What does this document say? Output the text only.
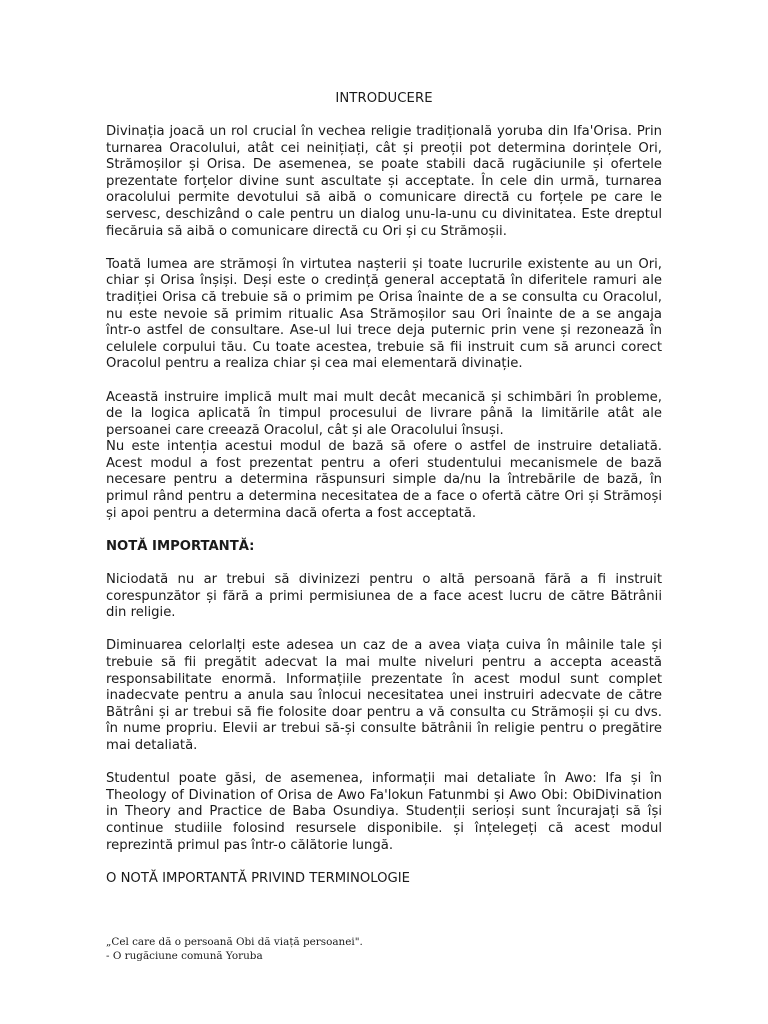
INTRODUCERE

Divinația joacă un rol crucial în vechea religie tradițională yoruba din Ifa'Orisa. Prin turnarea Oracolului, atât cei neinițiați, cât și preoții pot determina dorințele Ori, Strămoșilor și Orisa. De asemenea, se poate stabili dacă rugăciunile și ofertele prezentate forțelor divine sunt ascultate și acceptate. În cele din urmă, turnarea oracolului permite devotului să aibă o comunicare directă cu forțele pe care le servesc, deschizând o cale pentru un dialog unu-la-unu cu divinitatea. Este dreptul fiecăruia să aibă o comunicare directă cu Ori și cu Strămoșii.

Toată lumea are strămoși în virtutea nașterii și toate lucrurile existente au un Ori, chiar și Orisa înșiși. Deși este o credință general acceptată în diferitele ramuri ale tradiției Orisa că trebuie să o primim pe Orisa înainte de a se consulta cu Oracolul, nu este nevoie să primim ritualic Asa Strămoșilor sau Ori înainte de a se angaja într-o astfel de consultare. Ase-ul lui trece deja puternic prin vene și rezonează în celulele corpului tău. Cu toate acestea, trebuie să fii instruit cum să arunci corect Oracolul pentru a realiza chiar și cea mai elementară divinație.

Această instruire implică mult mai mult decât mecanică și schimbări în probleme, de la logica aplicată în timpul procesului de livrare până la limitările atât ale persoanei care creează Oracolul, cât și ale Oracolului însuși.

Nu este intenția acestui modul de bază să ofere o astfel de instruire detaliată. Acest modul a fost prezentat pentru a oferi studentului mecanismele de bază necesare pentru a determina răspunsuri simple da/nu la întrebările de bază, în primul rând pentru a determina necesitatea de a face o ofertă către Ori și Strămoși și apoi pentru a determina dacă oferta a fost acceptată.

NOTĂ IMPORTANTĂ:

Niciodată nu ar trebui să divinizezi pentru o altă persoană fără a fi instruit corespunzător și fără a primi permisiunea de a face acest lucru de către Bătrânii din religie.

Diminuarea celorlalți este adesea un caz de a avea viața cuiva în mâinile tale și trebuie să fii pregătit adecvat la mai multe niveluri pentru a accepta această responsabilitate enormă. Informațiile prezentate în acest modul sunt complet inadecvate pentru a anula sau înlocui necesitatea unei instruiri adecvate de către Bătrâni și ar trebui să fie folosite doar pentru a vă consulta cu Strămoșii și cu dvs. în nume propriu. Elevii ar trebui să-și consulte bătrânii în religie pentru o pregătire mai detaliată.

Studentul poate găsi, de asemenea, informații mai detaliate în Awo: Ifa și în Theology of Divination of Orisa de Awo Fa'lokun Fatunmbi și Awo Obi: ObiDivination in Theory and Practice de Baba Osundiya. Studenții serioși sunt încurajați să își continue studiile folosind resursele disponibile. și înțelegeți că acest modul reprezintă primul pas într-o călătorie lungă.

O NOTĂ IMPORTANTĂ PRIVIND TERMINOLOGIE
„Cel care dă o persoană Obi dă viață persoanei".
- O rugăciune comună Yoruba
